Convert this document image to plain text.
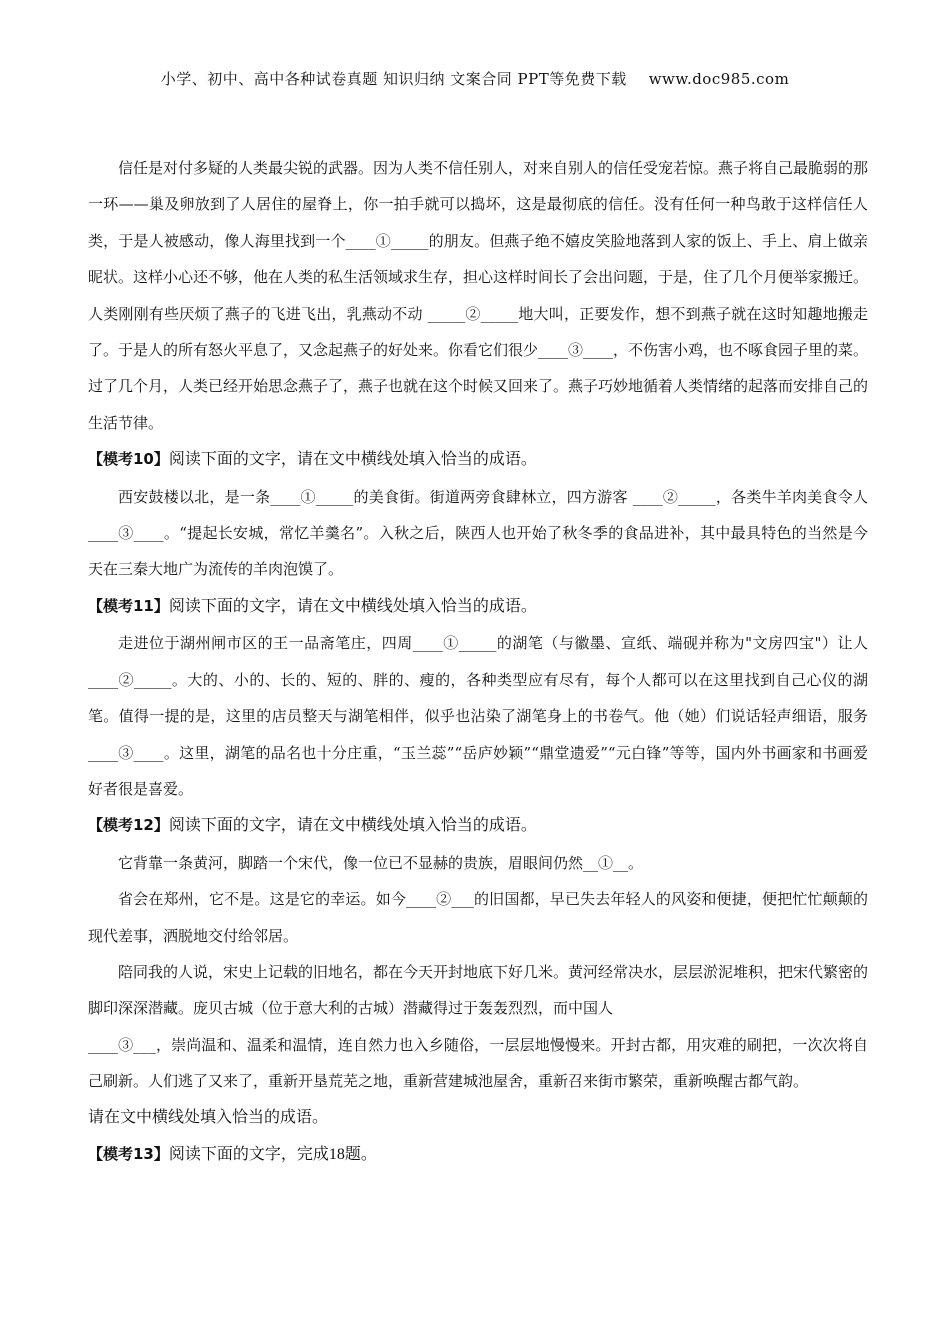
小学、初中、高中各种试卷真题 知识归纳 文案合同 PPT等免费下载 www.doc985.com

信任是对付多疑的人类最尖锐的武器。因为人类不信任别人，对来自别人的信任受宠若惊。燕子将自己最脆弱的那一环——巢及卵放到了人居住的屋脊上，你一拍手就可以捣坏，这是最彻底的信任。没有任何一种鸟敢于这样信任人类，于是人被感动，像人海里找到一个____①_____的朋友。但燕子绝不嬉皮笑脸地落到人家的饭上、手上、肩上做亲昵状。这样小心还不够，他在人类的私生活领域求生存，担心这样时间长了会出问题，于是，住了几个月便举家搬迁。人类刚刚有些厌烦了燕子的飞进飞出，乳燕动不动 _____②_____地大叫，正要发作，想不到燕子就在这时知趣地搬走了。于是人的所有怒火平息了，又念起燕子的好处来。你看它们很少____③____，不伤害小鸡，也不啄食园子里的菜。过了几个月，人类已经开始思念燕子了，燕子也就在这个时候又回来了。燕子巧妙地循着人类情绪的起落而安排自己的生活节律。

【模考10】阅读下面的文字，请在文中横线处填入恰当的成语。

西安鼓楼以北，是一条____①_____的美食街。街道两旁食肆林立，四方游客 ____②_____，各类牛羊肉美食令人 ____③____。“提起长安城，常忆羊羹名”。入秋之后，陕西人也开始了秋冬季的食品进补，其中最具特色的当然是今天在三秦大地广为流传的羊肉泡馍了。

【模考11】阅读下面的文字，请在文中横线处填入恰当的成语。

走进位于湖州闸市区的王一品斋笔庄，四周____①_____的湖笔（与徽墨、宣纸、端砚并称为"文房四宝"）让人 ____②_____。大的、小的、长的、短的、胖的、瘦的，各种类型应有尽有，每个人都可以在这里找到自己心仪的湖笔。值得一提的是，这里的店员整天与湖笔相伴，似乎也沾染了湖笔身上的书卷气。他（她）们说话轻声细语，服务 ____③____。这里，湖笔的品名也十分庄重，“玉兰蕊”“岳庐妙颖”“鼎堂遗爱”“元白锋”等等，国内外书画家和书画爱好者很是喜爱。

【模考12】阅读下面的文字，请在文中横线处填入恰当的成语。

它背靠一条黄河，脚踏一个宋代，像一位已不显赫的贵族，眉眼间仍然__①__。

省会在郑州，它不是。这是它的幸运。如今____②___的旧国都，早已失去年轻人的风姿和便捷，便把忙忙颠颠的现代差事，洒脱地交付给邻居。

陪同我的人说，宋史上记载的旧地名，都在今天开封地底下好几米。黄河经常决水，层层淤泥堆积，把宋代繁密的脚印深深潜藏。庞贝古城（位于意大利的古城）潜藏得过于轰轰烈烈，而中国人

____③___，崇尚温和、温柔和温情，连自然力也入乡随俗，一层层地慢慢来。开封古都，用灾难的刷把，一次次将自己刷新。人们逃了又来了，重新开垦荒芜之地，重新营建城池屋舍，重新召来街市繁荣，重新唤醒古都气韵。

请在文中横线处填入恰当的成语。

【模考13】阅读下面的文字，完成18题。
